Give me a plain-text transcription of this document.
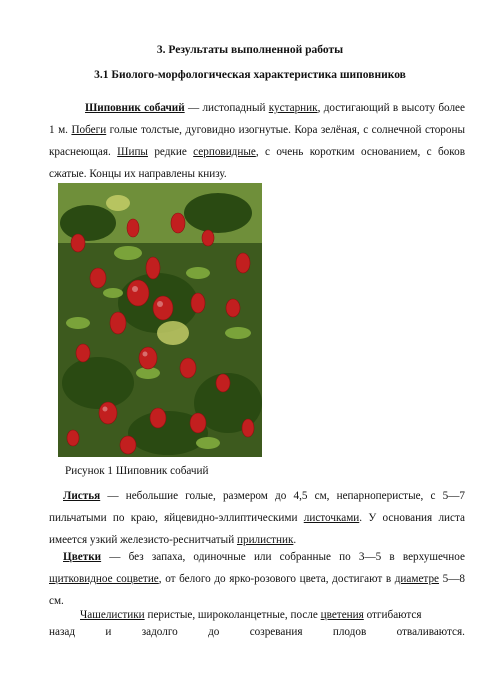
3. Результаты выполненной работы
3.1 Биолого-морфологическая характеристика шиповников

Шиповник собачий — листопадный кустарник, достигающий в высоту более 1 м. Побеги голые толстые, дуговидно изогнутые. Кора зелёная, с солнечной стороны краснеющая. Шипы редкие серповидные, с очень коротким основанием, с боков сжатые. Концы их направлены книзу.

Рисунок 1 Шиповник собачий

Листья — небольшие голые, размером до 4,5 см, непарноперистые, с 5—7 пильчатыми по краю, яйцевидно-эллиптическими листочками. У основания листа имеется узкий железисто-реснитчатый прилистник.

Цветки — без запаха, одиночные или собранные по 3—5 в верхушечное щитковидное соцветие, от белого до ярко-розового цвета, достигают в диаметре 5—8 см.

Чашелистики перистые, широколанцетные, после цветения отгибаются

назад	и	задолго	до	созревания	плодов	отваливаются.
